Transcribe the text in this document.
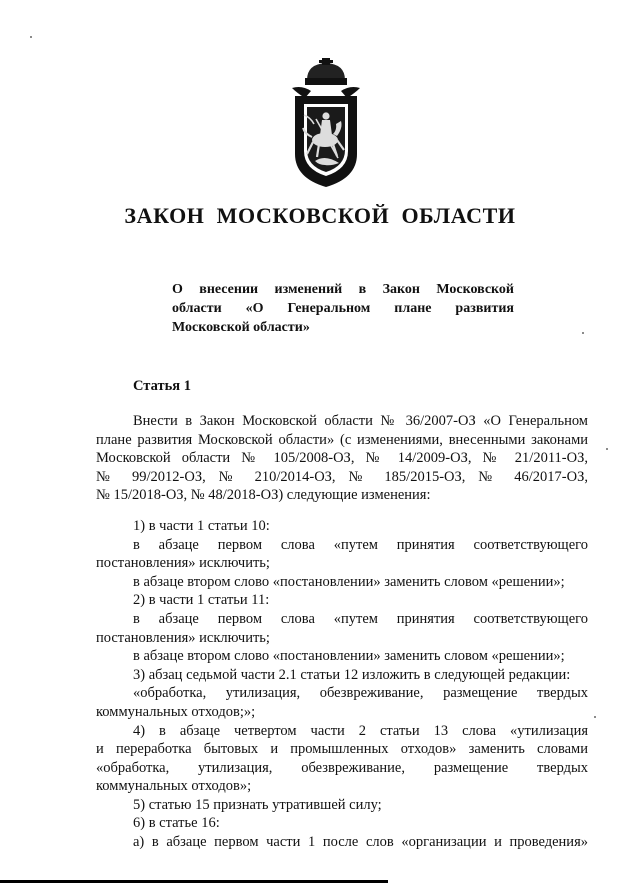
ЗАКОН МОСКОВСКОЙ ОБЛАСТИ
О внесении изменений в Закон Московской
области «О Генеральном плане развития
Московской области»
Статья 1
Внести в Закон Московской области № 36/2007-ОЗ «О Генеральном
плане развития Московской области» (с изменениями, внесенными законами
Московской области № 105/2008-ОЗ, № 14/2009-ОЗ, № 21/2011-ОЗ,
№ 99/2012-ОЗ, № 210/2014-ОЗ, № 185/2015-ОЗ, № 46/2017-ОЗ,
№ 15/2018-ОЗ, № 48/2018-ОЗ) следующие изменения:
1) в части 1 статьи 10:
в абзаце первом слова «путем принятия соответствующего
постановления» исключить;
в абзаце втором слово «постановлении» заменить словом «решении»;
2) в части 1 статьи 11:
в абзаце первом слова «путем принятия соответствующего
постановления» исключить;
в абзаце втором слово «постановлении» заменить словом «решении»;
3) абзац седьмой части 2.1 статьи 12 изложить в следующей редакции:
«обработка, утилизация, обезвреживание, размещение твердых
коммунальных отходов;»;
4) в абзаце четвертом части 2 статьи 13 слова «утилизация
и переработка бытовых и промышленных отходов» заменить словами
«обработка, утилизация, обезвреживание, размещение твердых
коммунальных отходов»;
5) статью 15 признать утратившей силу;
6) в статье 16:
а) в абзаце первом части 1 после слов «организации и проведения»
